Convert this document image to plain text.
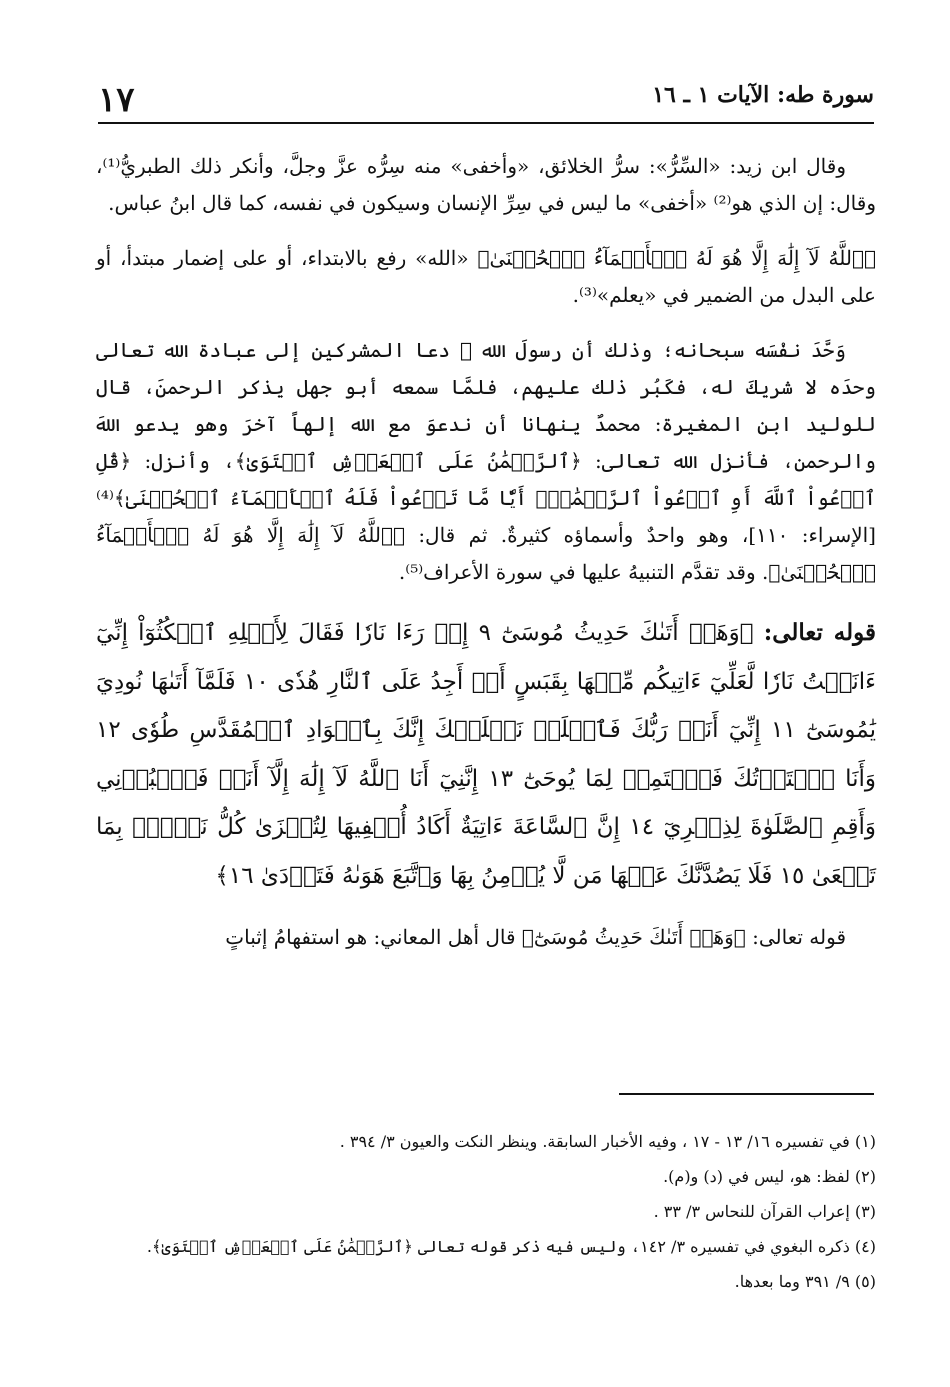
١٧	سورة طه: الآيات ١ ـ ١٦

وقال ابن زيد: «السِّرُّ»: سرُّ الخلائق، «وأخفى» منه سِرُّه عزَّ وجلَّ، وأنكر ذلك الطبريُّ⁽¹⁾، وقال: إن الذي هو⁽²⁾ «أخفى» ما ليس في سِرِّ الإنسان وسيكون في نفسه، كما قال ابنُ عباس.

﴿ٱللَّهُ لَآ إِلَٰهَ إِلَّا هُوَ لَهُ ٱلۡأَسۡمَآءُ ٱلۡحُسۡنَىٰ﴾ «الله» رفع بالابتداء، أو على إضمار مبتدأ، أو على البدل من الضمير في «يعلم»⁽³⁾.

وَحَّدَ نفْسَه سبحانه؛ وذلك أن رسولَ الله ﷺ دعا المشركين إلى عبادة الله تعالى وحدَه لا شريكَ له، فكَبُر ذلك عليهم، فلمَّا سمعه أبو جهل يذكر الرحمنَ، قال للوليد ابن المغيرة: محمدٌ ينهانا أن ندعوَ مع الله إلهاً آخرَ وهو يدعو اللهَ والرحمن، فأنزل الله تعالى: ﴿ٱلرَّحۡمَٰنُ عَلَى ٱلۡعَرۡشِ ٱسۡتَوَىٰ﴾، وأنزل: ﴿قُلِ ٱدۡعُواْ ٱللَّهَ أَوِ ٱدۡعُواْ ٱلرَّحۡمَٰنَۖ أَيّٗا مَّا تَدۡعُواْ فَلَهُ ٱلۡأَسۡمَآءُ ٱلۡحُسۡنَىٰ﴾⁽⁴⁾ [الإسراء: ١١٠]، وهو واحدٌ وأسماؤه كثيرةٌ. ثم قال: ﴿ٱللَّهُ لَآ إِلَٰهَ إِلَّا هُوَ لَهُ ٱلۡأَسۡمَآءُ ٱلۡحُسۡنَىٰ﴾. وقد تقدَّم التنبيهُ عليها في سورة الأعراف⁽⁵⁾.

قوله تعالى: ﴿وَهَلۡ أَتَىٰكَ حَدِيثُ مُوسَىٰٓ ٩ إِذۡ رَءَا نَارٗا فَقَالَ لِأَهۡلِهِ ٱمۡكُثُوٓاْ إِنِّيٓ ءَانَسۡتُ نَارٗا لَّعَلِّيٓ ءَاتِيكُم مِّنۡهَا بِقَبَسٍ أَوۡ أَجِدُ عَلَى ٱلنَّارِ هُدٗى ١٠ فَلَمَّآ أَتَىٰهَا نُودِيَ يَٰمُوسَىٰٓ ١١ إِنِّيٓ أَنَا۠ رَبُّكَ فَٱخۡلَعۡ نَعۡلَيۡكَ إِنَّكَ بِٱلۡوَادِ ٱلۡمُقَدَّسِ طُوٗى ١٢ وَأَنَا ٱخۡتَرۡتُكَ فَٱسۡتَمِعۡ لِمَا يُوحَىٰٓ ١٣ إِنَّنِيٓ أَنَا ٱللَّهُ لَآ إِلَٰهَ إِلَّآ أَنَا۠ فَٱعۡبُدۡنِي وَأَقِمِ ٱلصَّلَوٰةَ لِذِكۡرِيٓ ١٤ إِنَّ ٱلسَّاعَةَ ءَاتِيَةٌ أَكَادُ أُخۡفِيهَا لِتُجۡزَىٰ كُلُّ نَفۡسِۭ بِمَا تَسۡعَىٰ ١٥ فَلَا يَصُدَّنَّكَ عَنۡهَا مَن لَّا يُؤۡمِنُ بِهَا وَٱتَّبَعَ هَوَىٰهُ فَتَرۡدَىٰ ١٦﴾

قوله تعالى: ﴿وَهَلۡ أَتَىٰكَ حَدِيثُ مُوسَىٰٓ﴾ قال أهل المعاني: هو استفهامُ إثباتٍ

(١) في تفسيره ١٦/ ١٣ - ١٧ ، وفيه الأخبار السابقة. وينظر النكت والعيون ٣/ ٣٩٤ .
(٢) لفظ: هو، ليس في (د) و(م).
(٣) إعراب القرآن للنحاس ٣/ ٣٣ .
(٤) ذكره البغوي في تفسيره ٣/ ١٤٢، وليس فيه ذكر قوله تعالى ﴿ٱلرَّحۡمَٰنُ عَلَى ٱلۡعَرۡشِ ٱسۡتَوَىٰ﴾.
(٥) ٩/ ٣٩١ وما بعدها.
